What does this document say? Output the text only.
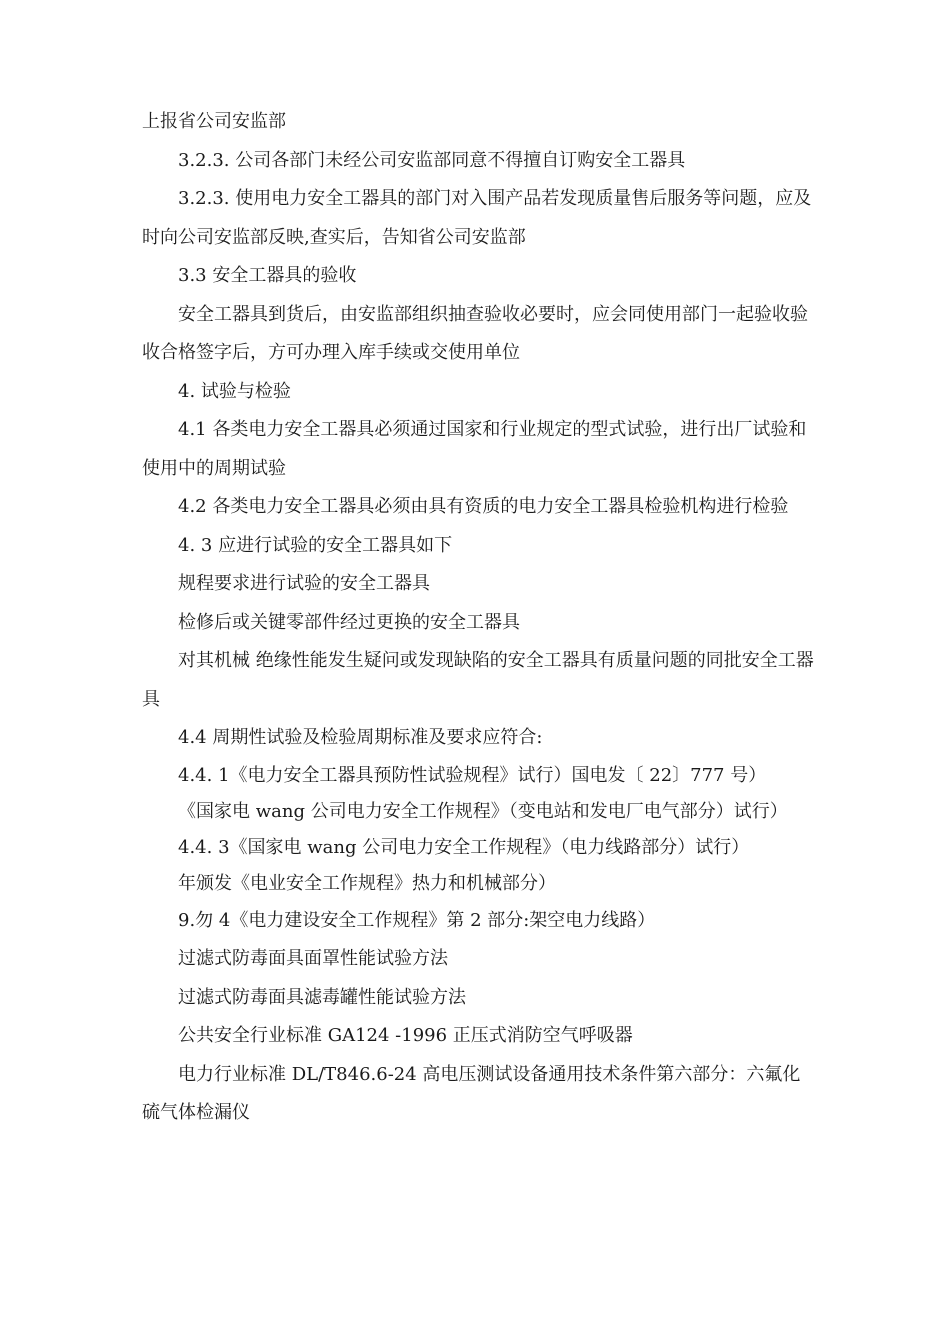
上报省公司安监部

3.2.3. 公司各部门未经公司安监部同意不得擅自订购安全工器具

3.2.3. 使用电力安全工器具的部门对入围产品若发现质量售后服务等问题，应及时向公司安监部反映,查实后，告知省公司安监部

3.3 安全工器具的验收

安全工器具到货后，由安监部组织抽查验收必要时，应会同使用部门一起验收验收合格签字后，方可办理入库手续或交使用单位

4. 试验与检验

4.1 各类电力安全工器具必须通过国家和行业规定的型式试验，进行出厂试验和使用中的周期试验

4.2 各类电力安全工器具必须由具有资质的电力安全工器具检验机构进行检验

4. 3 应进行试验的安全工器具如下

规程要求进行试验的安全工器具

检修后或关键零部件经过更换的安全工器具

对其机械 绝缘性能发生疑问或发现缺陷的安全工器具有质量问题的同批安全工器具

4.4 周期性试验及检验周期标准及要求应符合:

4.4. 1《电力安全工器具预防性试验规程》试行）国电发〔 22〕777 号）

《国家电 wang 公司电力安全工作规程》（变电站和发电厂电气部分）试行）

4.4. 3《国家电 wang 公司电力安全工作规程》（电力线路部分）试行）

年颁发《电业安全工作规程》热力和机械部分）

9.勿 4《电力建设安全工作规程》第 2 部分:架空电力线路）

过滤式防毒面具面罩性能试验方法

过滤式防毒面具滤毒罐性能试验方法

公共安全行业标准 GA124 -1996 正压式消防空气呼吸器

电力行业标准 DL/T846.6-24 高电压测试设备通用技术条件第六部分：六氟化硫气体检漏仪
